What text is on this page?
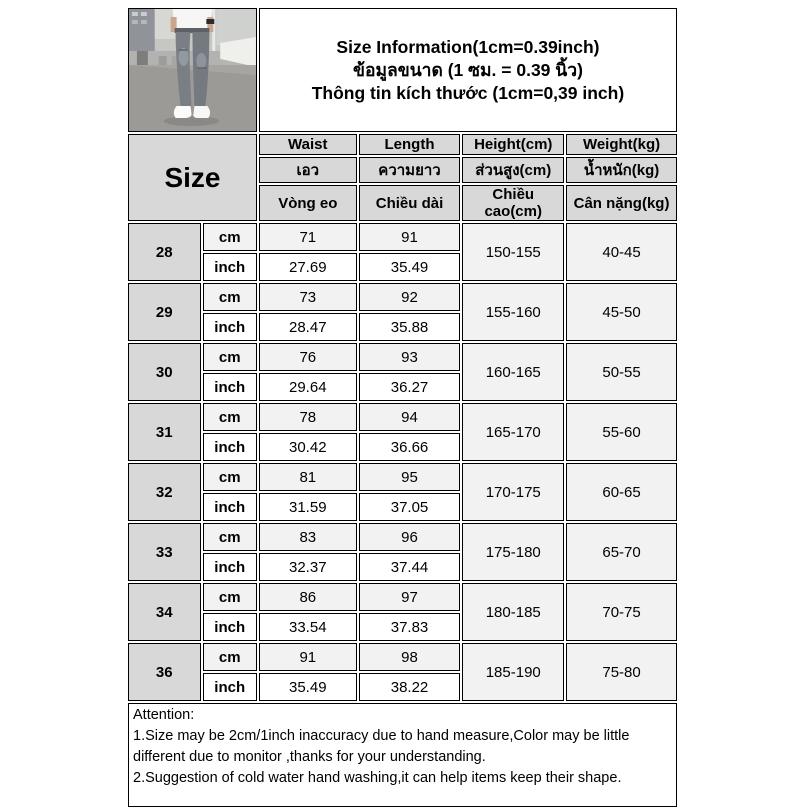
Size Information(1cm=0.39inch)
ข้อมูลขนาด (1 ซม. = 0.39 นิ้ว)
Thông tin kích thước (1cm=0,39 inch)			

Size		Waist	Length	Height(cm)	Weight(kg)
		เอว	ความยาว	ส่วนสูง(cm)	น้ำหนัก(kg)
		Vòng eo	Chiều dài	Chiều cao(cm)	Cân nặng(kg)
28	cm	71	91	150-155	40-45
	inch	27.69	35.49		
29	cm	73	92	155-160	45-50
	inch	28.47	35.88		
30	cm	76	93	160-165	50-55
	inch	29.64	36.27		
31	cm	78	94	165-170	55-60
	inch	30.42	36.66		
32	cm	81	95	170-175	60-65
	inch	31.59	37.05		
33	cm	83	96	175-180	65-70
	inch	32.37	37.44		
34	cm	86	97	180-185	70-75
	inch	33.54	37.83		
36	cm	91	98	185-190	75-80
	inch	35.49	38.22		

Attention:
1.Size may be 2cm/1inch inaccuracy due to hand measure,Color may be little different due to monitor ,thanks for your understanding.
2.Suggestion of cold water hand washing,it can help items keep their shape.					
